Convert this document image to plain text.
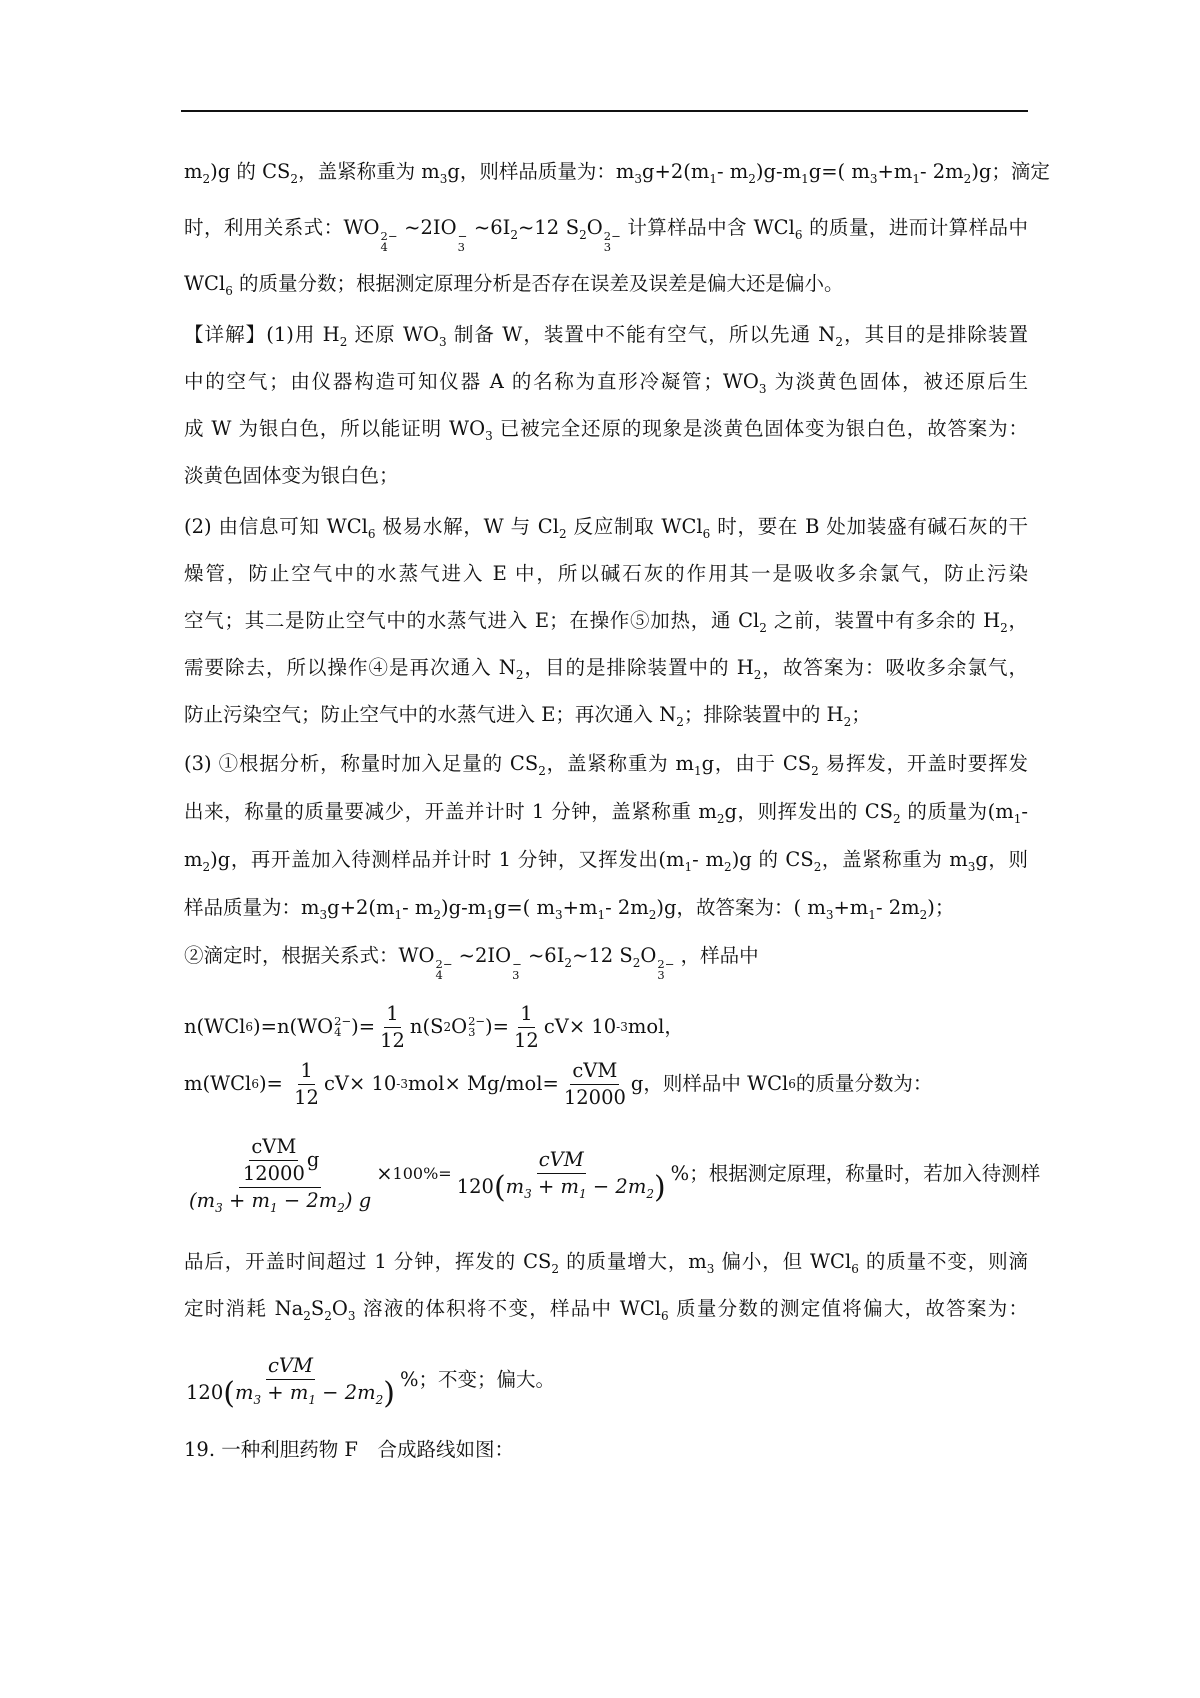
$m_2)g$ 的 $CS_2$，盖紧称重为 $m_3g$，则样品质量为：$m_3g+2(m_1-$ $m_2)g-m_1g=$( $m_3+m_1-$ $2m_2)g$；滴定
时，利用关系式：WO 2−
4
~2IO −
3
$\sim 6I_2\sim 12$ $S_2O$ 2−
3
计算样品中含 WCl$_6$ 的质量，进而计算样品中
WCl$_6$ 的质量分数；根据测定原理分析是否存在误差及误差是偏大还是偏小。
【详解】(1)用 $H_2$ 还原 $WO_3$ 制备 W，装置中不能有空气，所以先通 $N_2$，其目的是排除装置
中的空气；由仪器构造可知仪器 A 的名称为直形冷凝管；$WO_3$ 为淡黄色固体，被还原后生
成 W 为银白色，所以能证明 $WO_3$ 已被完全还原的现象是淡黄色固体变为银白色，故答案为：
淡黄色固体变为银白色；
(2) 由信息可知 WCl$_6$ 极易水解，W 与 $Cl_2$ 反应制取 WCl$_6$ 时，要在 B 处加装盛有碱石灰的干
燥管，防止空气中的水蒸气进入 E 中，所以碱石灰的作用其一是吸收多余氯气，防止污染
空气；其二是防止空气中的水蒸气进入 E；在操作⑤加热，通 $Cl_2$ 之前，装置中有多余的 $H_2$，
需要除去，所以操作④是再次通入 $N_2$，目的是排除装置中的 $H_2$，故答案为：吸收多余氯气，
防止污染空气；防止空气中的水蒸气进入 E；再次通入 $N_2$；排除装置中的 $H_2$；
(3) ①根据分析，称量时加入足量的 $CS_2$，盖紧称重为 $m_1g$，由于 $CS_2$ 易挥发，开盖时要挥发
出来，称量的质量要减少，开盖并计时 1 分钟，盖紧称重 $m_2g$，则挥发出的 $CS_2$ 的质量为($m_1-$
$m_2)g$，再开盖加入待测样品并计时 1 分钟，又挥发出($m_1-$ $m_2)g$ 的 $CS_2$，盖紧称重为 $m_3g$，则
样品质量为：$m_3g+2(m_1-$ $m_2)g-m_1g=$( $m_3+m_1-$ $2m_2)g$，故答案为：( $m_3+m_1-$ $2m_2$)；
②滴定时，根据关系式：WO 2−
4
~2IO −
3
$\sim 6I_2\sim 12$ $S_2O$ 2−
3
，样品中
n(WCl 6 )=n(WO 2−
4 )= $\frac{1}{12} n(S$ 2 O 2−
3 )= $\frac{1}{12} cV\times 10$ -3 mol，
m(WCl 6 )= $\frac{1}{12} cV\times 10$ -3 $mol\times Mg/mol= \frac{\text{cVM}}{12000}$ g，则样品中 WCl 6 的质量分数为：
$\frac{\frac{\text{cVM}}{12000} g}{(m_3 + m_1 - 2m_2) g} \times 100\%= \frac{\text{cVM}}{120(m_3 + m_1 - 2m_2)}$ %；根据测定原理，称量时，若加入待测样
品后，开盖时间超过 1 分钟，挥发的 $CS_2$ 的质量增大，$m_3$ 偏小，但 WCl$_6$ 的质量不变，则滴
定时消耗 $Na_2S_2O_3$ 溶液的体积将不变，样品中 WCl$_6$ 质量分数的测定值将偏大，故答案为：
$\frac{\text{cVM}}{120(m_3 + m_1 - 2m_2)}$ %；不变；偏大。
19. 一种利胆药物 F　合成路线如图：
